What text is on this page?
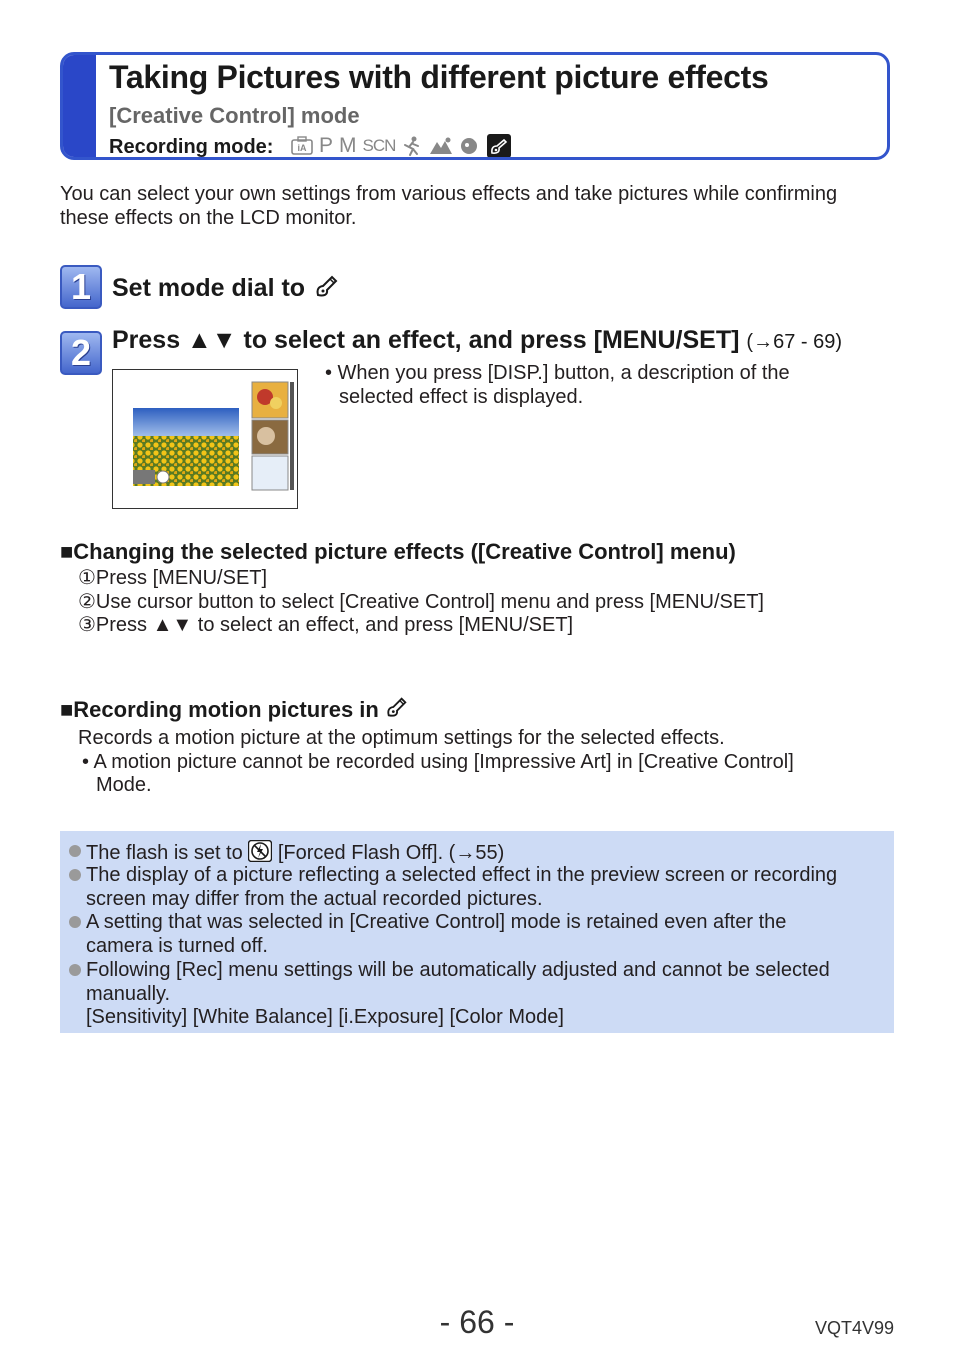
Taking Pictures with different picture effects
[Creative Control] mode
Recording mode:	iA P M SCN
You can select your own settings from various effects and take pictures while confirming
these effects on the LCD monitor.
1 Set mode dial to
2 Press ▲▼ to select an effect, and press [MENU/SET] (→67 - 69)
• When you press [DISP.] button, a description of the
selected effect is displayed.
■Changing the selected picture effects ([Creative Control] menu)
①Press [MENU/SET]
②Use cursor button to select [Creative Control] menu and press [MENU/SET]
③Press ▲▼ to select an effect, and press [MENU/SET]
■Recording motion pictures in
Records a motion picture at the optimum settings for the selected effects.
• A motion picture cannot be recorded using [Impressive Art] in [Creative Control]
Mode.
The flash is set to [Forced Flash Off]. (→55)
The display of a picture reflecting a selected effect in the preview screen or recording
screen may differ from the actual recorded pictures.
A setting that was selected in [Creative Control] mode is retained even after the
camera is turned off.
Following [Rec] menu settings will be automatically adjusted and cannot be selected
manually.
[Sensitivity] [White Balance] [i.Exposure] [Color Mode]
- 66 -	VQT4V99
